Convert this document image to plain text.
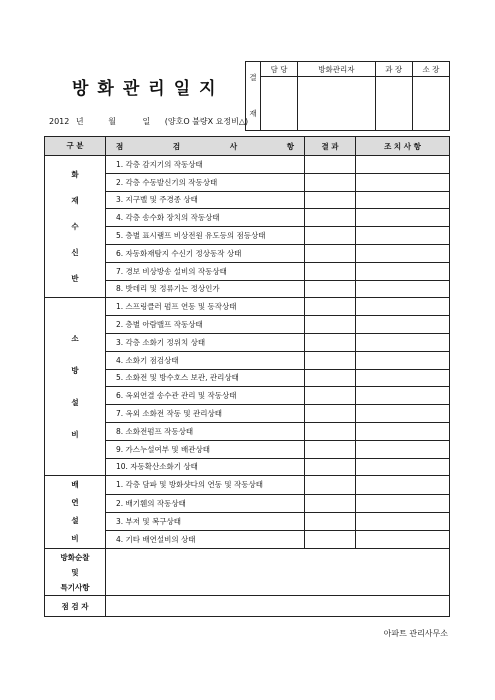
방화관리일지
2012 년	월	일 (양호O 불량X 요정비△)
결
재	담 당	방화관리자	과 장	소 장

구 분	점 검 사 항	결 과	조 치 사 항

화
재
수
신
반	1. 각층 감지기의 작동상태		
	2. 각층 수동발신기의 작동상태		
	3. 지구벨 및 주경종 상태		
	4. 각층 송수화 장치의 작동상태		
	5. 층별 표시램프 비상전원 유도등의 점등상태		
	6. 자동화재탐지 수신기 정상동작 상태		
	7. 경보 비상방송 설비의 작동상태		
	8. 밧데리 및 정류기는 정상인가		

소
방
설
비	1. 스프링클러 펌프 연동 및 동작상태		
	2. 층별 아람밸프 작동상태		
	3. 각층 소화기 정위치 상태		
	4. 소화기 점검상태		
	5. 소화전 및 방수호스 보관, 관리상태		
	6. 옥외연결 송수관 관리 및 작동상태		
	7. 옥외 소화전 작동 및 관리상태		
	8. 소화전펌프 작동상태		
	9. 가스누설여부 및 배관상태		
	10. 자동확산소화기 상태		

배
연
설
비	1. 각층 담파 및 방화샷다의 연동 및 작동상태		
	2. 배기휀의 작동상태		
	3. 부저 및 복구상태		
	4. 기타 배연설비의 상태		

방화순찰
및
특기사항			

점 검 자			
아파트 관리사무소
